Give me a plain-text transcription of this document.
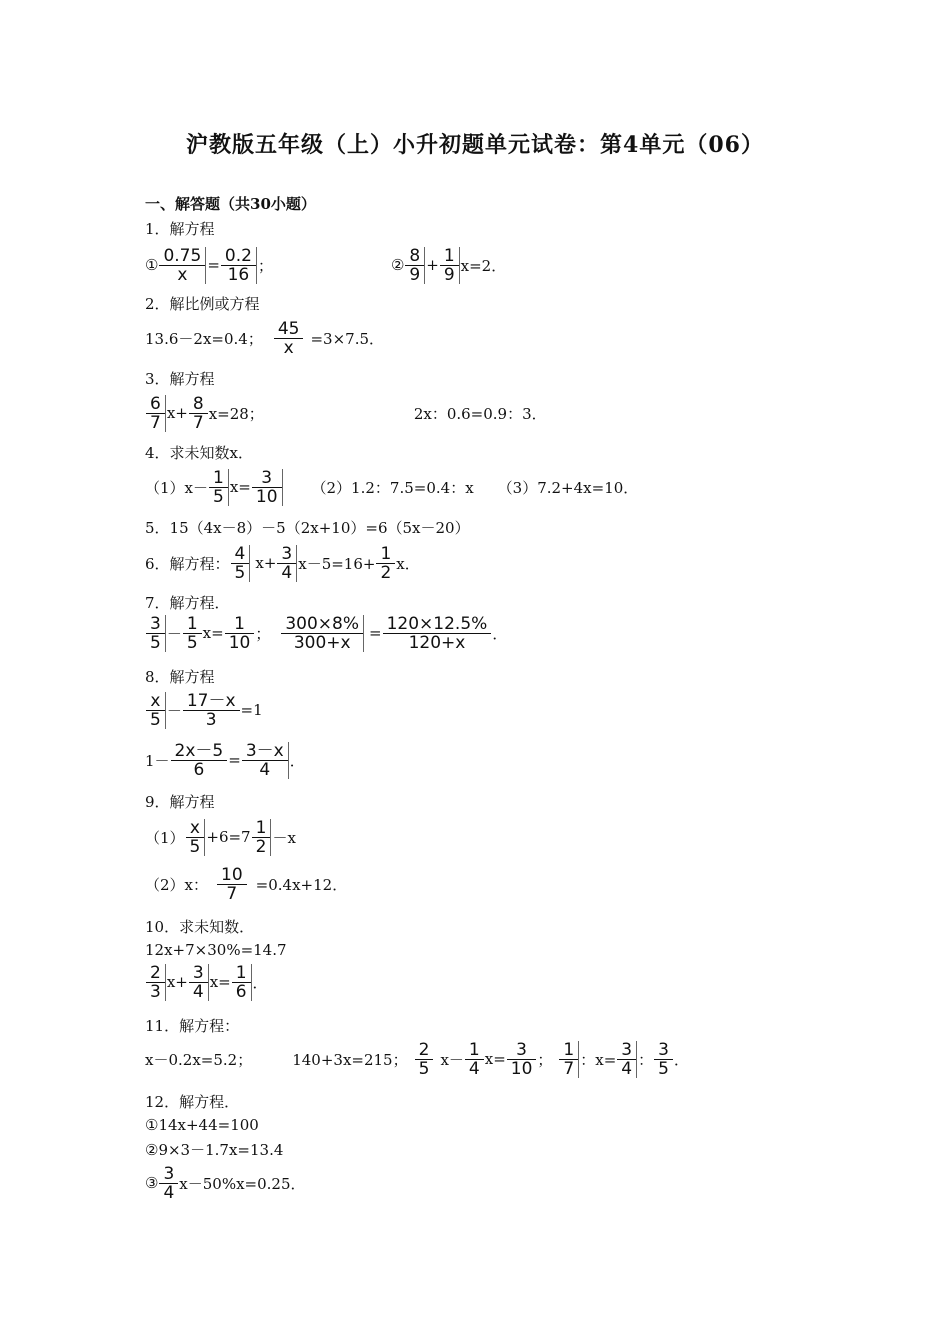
沪教版五年级（上）小升初题单元试卷：第4单元（06）
一、解答题（共30小题）
1．解方程
① $\frac{0.75}{x} = \frac{0.2}{16}$ ；	② $\frac{8}{9} + \frac{1}{9} x=2$．
2．解比例或方程
13.6－2x=0.4； $\frac{45}{x} =3\times 7.5$．
3．解方程
$\frac{6}{7} x+ \frac{8}{7} x=28$；	2x：0.6=0.9：3．
4．求未知数x．
$(1)x- \frac{1}{5} x= \frac{3}{10} (2)1.2$：7.5=0.4：x （3）7.2+4x=10．
5．15（4x－8）－5（2x+10）=6（5x－20）
6．解方程： $\frac{4}{5} x+ \frac{3}{4} x-5=16+ \frac{1}{2}$ x．
7．解方程．
$\frac{3}{5} - \frac{1}{5} x= \frac{1}{10}$ ； $\frac{300\times 8\%}{300+x} = \frac{120\times 12.5\%}{120+x}$ ．
8．解方程
$\frac{x}{5} - \frac{17-x}{3} =1$
$1- \frac{2x-5}{6} = \frac{3-x}{4}$ ．
9．解方程
$(1) \frac{x}{5} +6=7 \frac{1}{2} -x$
（2）x： $\frac{10}{7} =0.4x+12$．
10．求未知数．
12x+7×30%=14.7
$\frac{2}{3} x+ \frac{3}{4} x= \frac{1}{6}$ ．
11．解方程：
x－0.2x=5.2；	140+3x=215； $\frac{2}{5} x- \frac{1}{4} x= \frac{3}{10}$ ； $\frac{1}{7}$ ：$x= \frac{3}{4}$ ： $\frac{3}{5}$ ．
12．解方程．
①14x+44=100
②9×3－1.7x=13.4
③ $\frac{3}{4} x-50\%x=0.25$．
